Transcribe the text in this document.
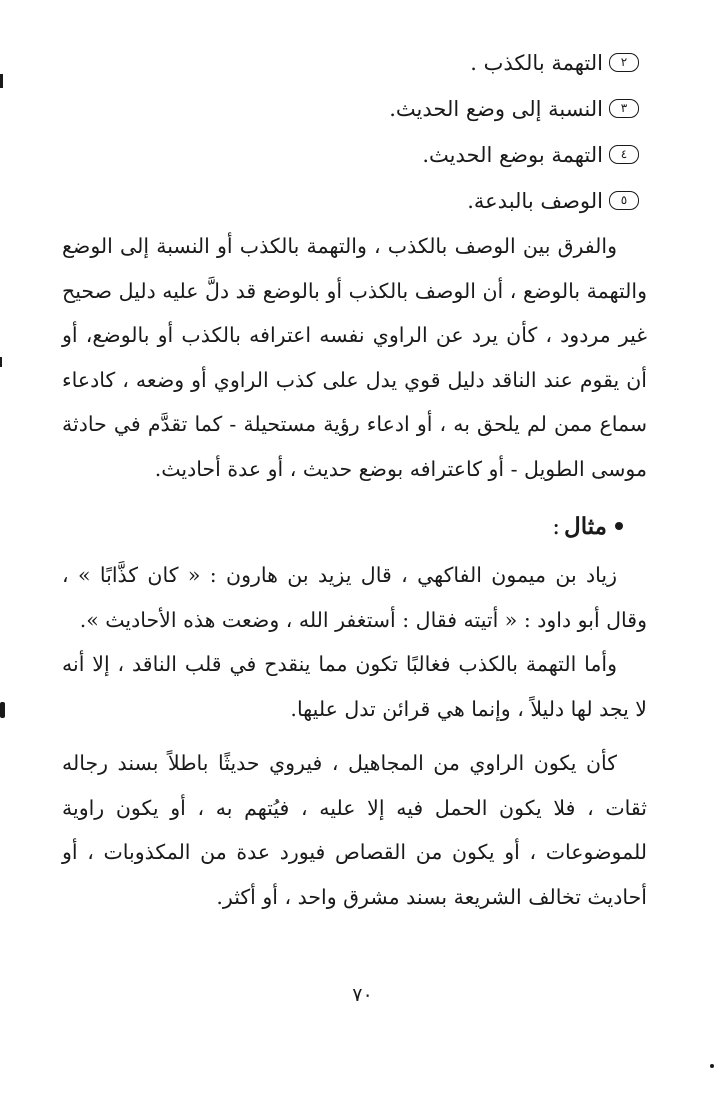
٢التهمة بالكذب .
٣النسبة إلى وضع الحديث.
٤التهمة بوضع الحديث.
٥الوصف بالبدعة.

والفرق بين الوصف بالكذب ، والتهمة بالكذب أو النسبة إلى الوضع والتهمة بالوضع ، أن الوصف بالكذب أو بالوضع قد دلَّ عليه دليل صحيح غير مردود ، كأن يرد عن الراوي نفسه اعترافه بالكذب أو بالوضع، أو أن يقوم عند الناقد دليل قوي يدل على كذب الراوي أو وضعه ، كادعاء سماع ممن لم يلحق به ، أو ادعاء رؤية مستحيلة - كما تقدَّم في حادثة موسى الطويل - أو كاعترافه بوضع حديث ، أو عدة أحاديث.

مثال:

زياد بن ميمون الفاكهي ، قال يزيد بن هارون : « كان كذَّابًا » ، وقال أبو داود : « أتيته فقال : أستغفر الله ، وضعت هذه الأحاديث ».

وأما التهمة بالكذب فغالبًا تكون مما ينقدح في قلب الناقد ، إلا أنه لا يجد لها دليلاً ، وإنما هي قرائن تدل عليها.

كأن يكون الراوي من المجاهيل ، فيروي حديثًا باطلاً بسند رجاله ثقات ، فلا يكون الحمل فيه إلا عليه ، فيُتهم به ، أو يكون راوية للموضوعات ، أو يكون من القصاص فيورد عدة من المكذوبات ، أو أحاديث تخالف الشريعة بسند مشرق واحد ، أو أكثر.

٧٠
